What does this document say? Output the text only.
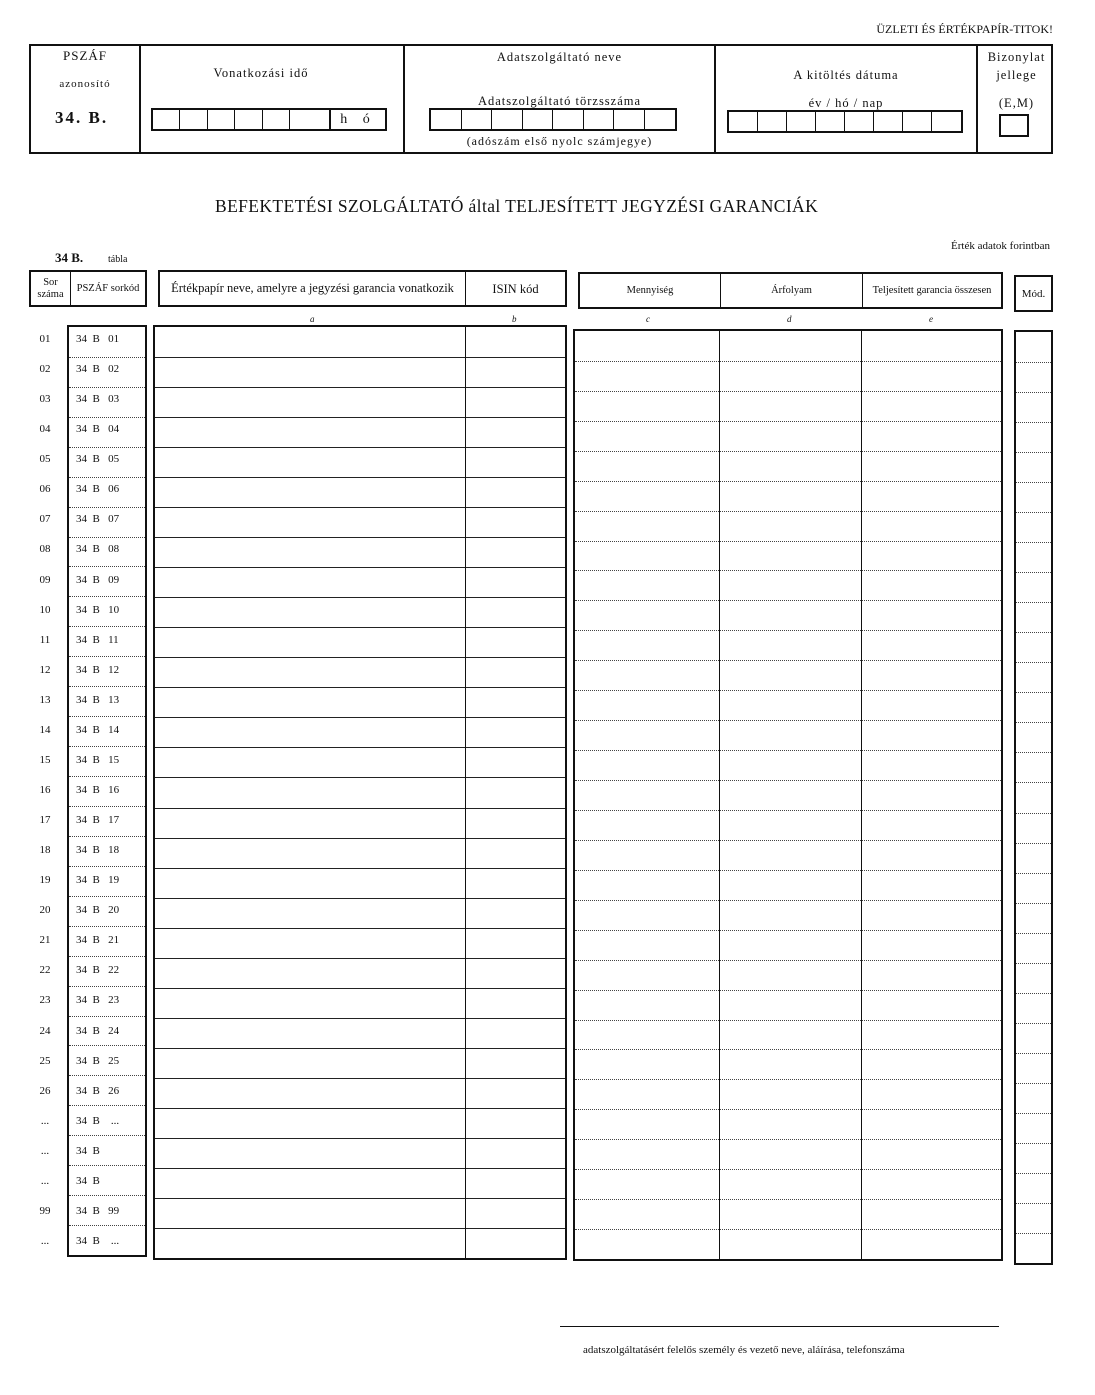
ÜZLETI ÉS ÉRTÉKPAPÍR-TITOK!
PSZÁF
azonosító
34. B.
Vonatkozási idő
h ó
Adatszolgáltató neve
Adatszolgáltató törzsszáma
(adószám első nyolc számjegye)
A kitöltés dátuma
év / hó / nap
Bizonylat
jellege
(E,M)
BEFEKTETÉSI SZOLGÁLTATÓ által TELJESÍTETT JEGYZÉSI GARANCIÁK
34 B. tábla
Érték adatok forintban
Sor száma
PSZÁF sorkód	Értékpapír neve, amelyre a jegyzési garancia vonatkozik	ISIN kód	Mennyiség	Árfolyam	Teljesített garancia összesen	Mód.
a	b	c	d	e
01	34  B   01
02	34  B   02
03	34  B   03
04	34  B   04
05	34  B   05
06	34  B   06
07	34  B   07
08	34  B   08
09	34  B   09
10	34  B   10
11	34  B   11
12	34  B   12
13	34  B   13
14	34  B   14
15	34  B   15
16	34  B   16
17	34  B   17
18	34  B   18
19	34  B   19
20	34  B   20
21	34  B   21
22	34  B   22
23	34  B   23
24	34  B   24
25	34  B   25
26	34  B   26
...	34  B    ...
...	34  B
...	34  B
99	34  B   99
...	34  B    ...
adatszolgáltatásért felelős személy és vezető neve, aláírása, telefonszáma
